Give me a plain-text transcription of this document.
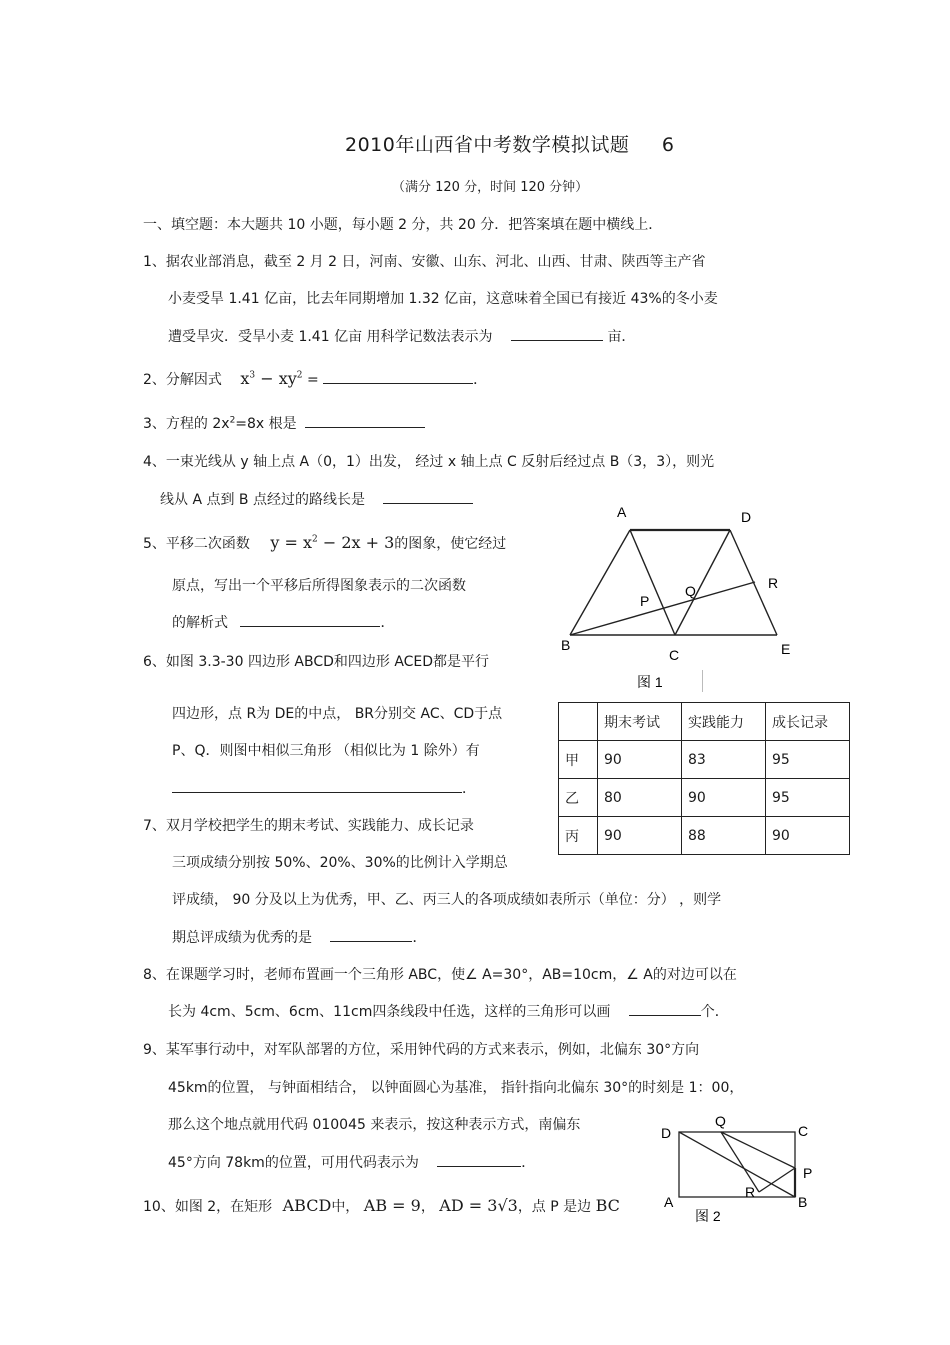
2010年山西省中考数学模拟试题 6
（满分 120 分，时间 120 分钟）
一、填空题：本大题共 10 小题，每小题 2 分，共 20 分．把答案填在题中横线上．
1、据农业部消息，截至 2 月 2 日，河南、安徽、山东、河北、山西、甘肃、陕西等主产省
小麦受旱 1.41 亿亩，比去年同期增加 1.32 亿亩，这意味着全国已有接近 43%的冬小麦
遭受旱灾．受旱小麦 1.41 亿亩 用科学记数法表示为	亩．
2、分解因式 $x^3 - xy^2$ =	．
3、方程的 $2x^2=8x$ 根是
4、一束光线从 y 轴上点 A（0，1）出发， 经过 x 轴上点 C 反射后经过点 B（3，3），则光
线从 A 点到 B 点经过的路线长是
5、平移二次函数 $y = x^2 - 2x + 3$的图象，使它经过
原点，写出一个平移后所得图象表示的二次函数
的解析式	．
6、如图 3.3-30 四边形 ABCD和四边形 ACED都是平行
四边形，点 R为 DE的中点， BR分别交 AC、CD于点
P、Q．则图中相似三角形 （相似比为 1 除外）有
．
A	D
R
Q
P
B
C	E
图 1
	期末考试	实践能力	成长记录
甲	90	83	95
乙	80	90	95
丙	90	88	90
7、双月学校把学生的期末考试、实践能力、成长记录
三项成绩分别按 50%、20%、30%的比例计入学期总
评成绩， 90 分及以上为优秀，甲、乙、丙三人的各项成绩如表所示（单位：分） ，则学
期总评成绩为优秀的是	．
8、在课题学习时，老师布置画一个三角形 ABC，使∠ A=30°，AB=10cm，∠ A的对边可以在
长为 4cm、5cm、6cm、11cm四条线段中任选，这样的三角形可以画	个．
9、某军事行动中，对军队部署的方位，采用钟代码的方式来表示，例如，北偏东 30°方向
45km的位置， 与钟面相结合， 以钟面圆心为基准， 指针指向北偏东 30°的时刻是 1：00，
那么这个地点就用代码 010045 来表示，按这种表示方式，南偏东
45°方向 78km的位置，可用代码表示为	．
D
Q
C
P
R
A	B
图 2
10、如图 2，在矩形 ABCD中， AB = 9， AD = 3√3，点 P 是边 BC
